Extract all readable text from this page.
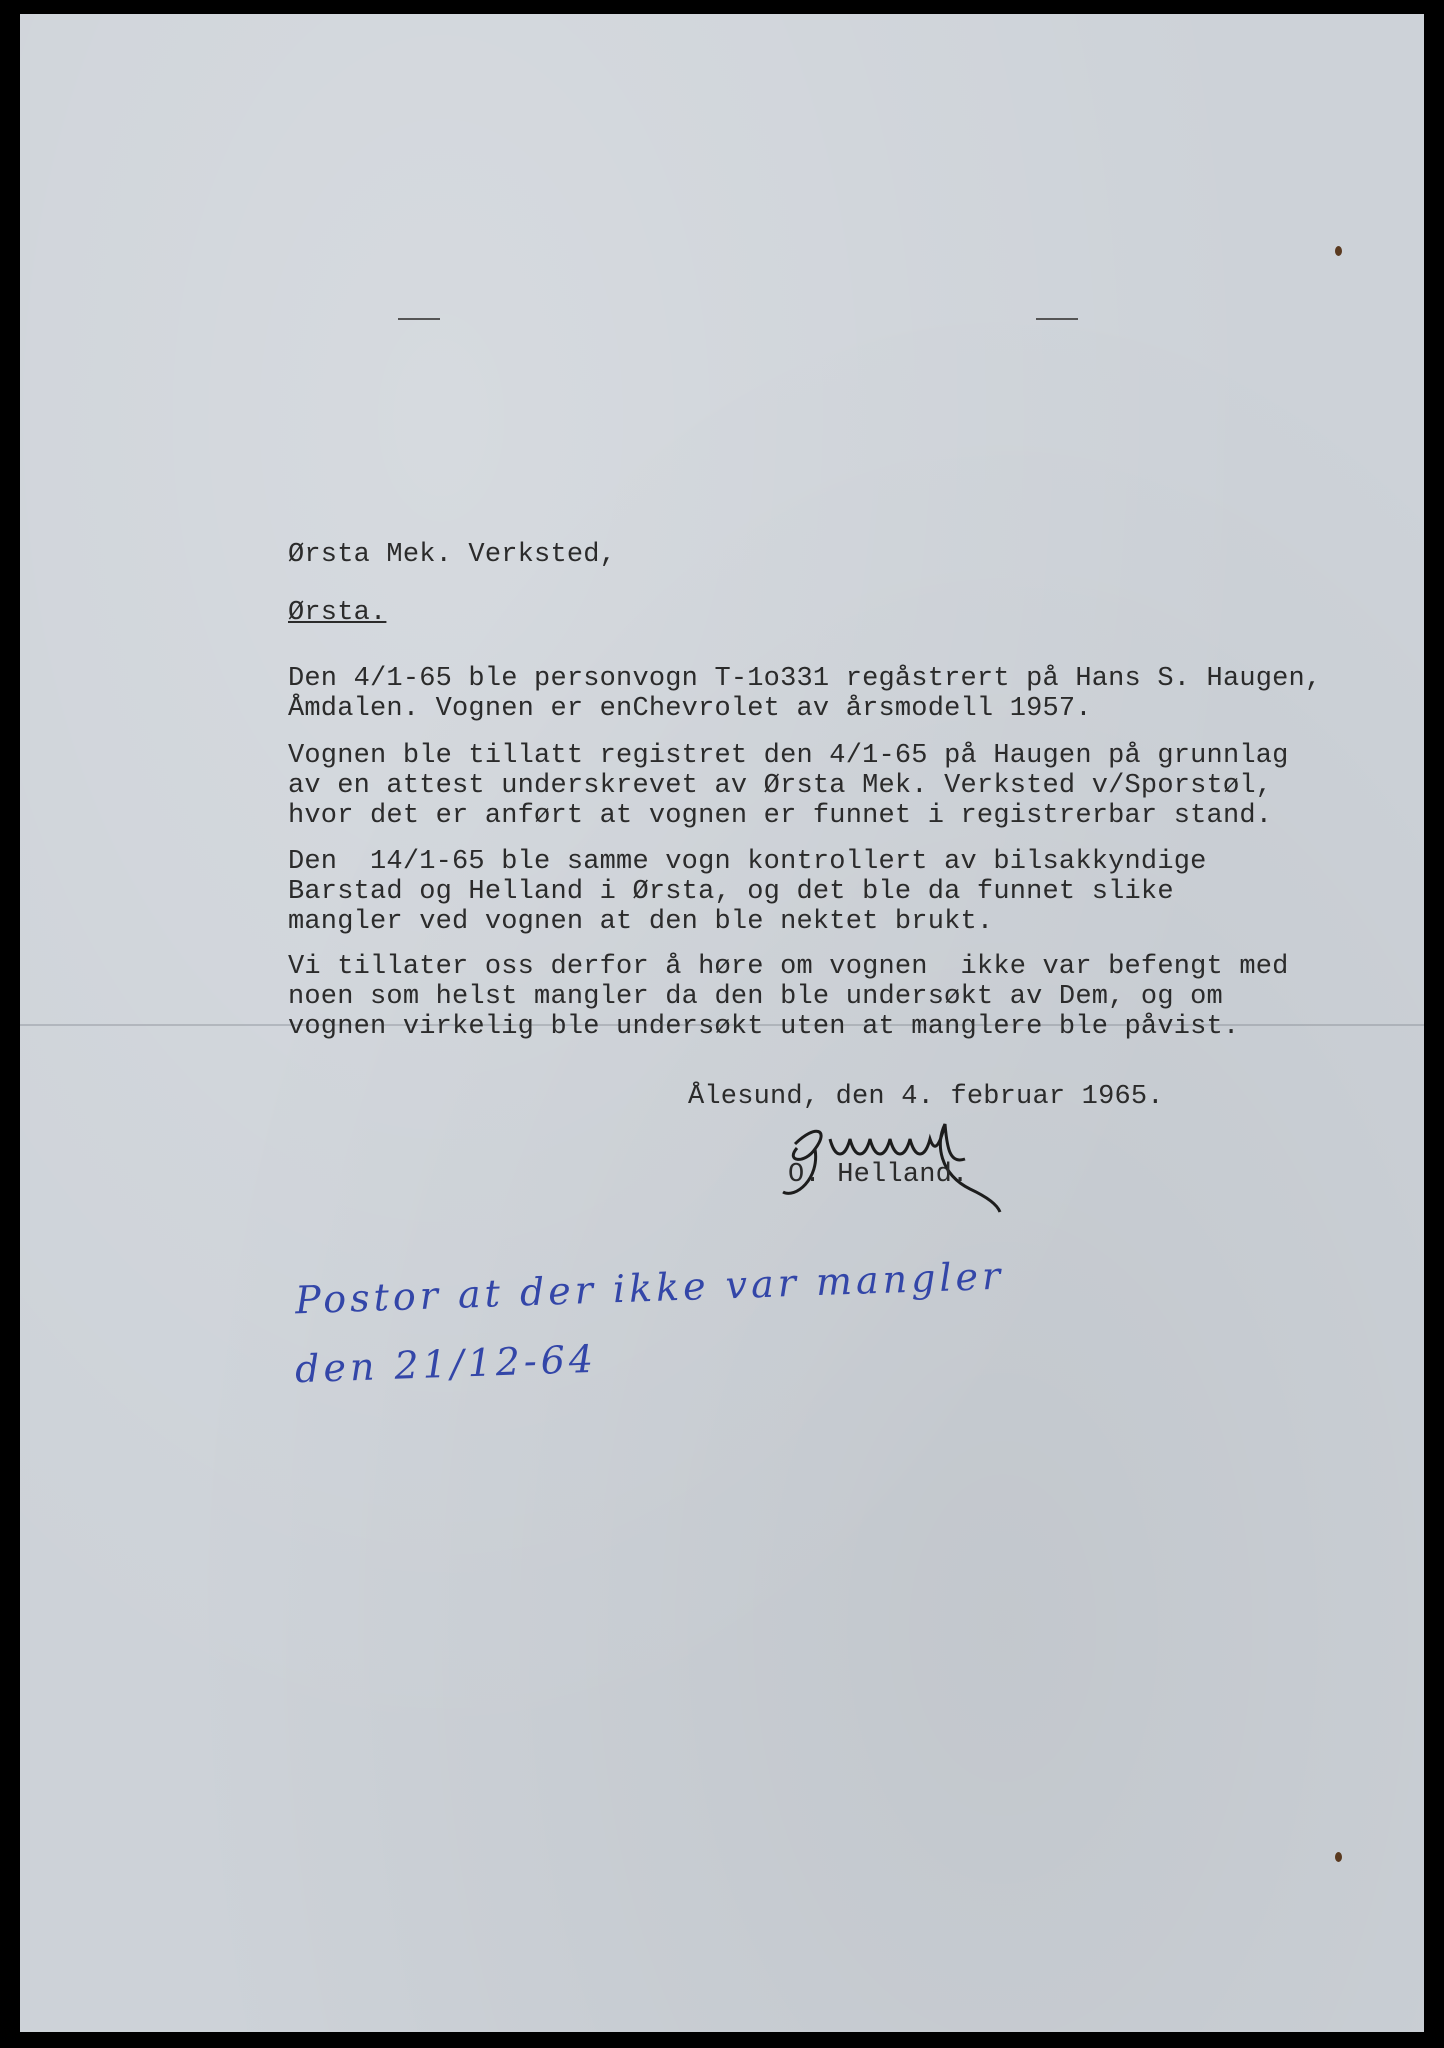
Ørsta Mek. Verksted,

Ørsta.

Den 4/1-65 ble personvogn T-1o331 regåstrert på Hans S. Haugen,
Åmdalen. Vognen er enChevrolet av årsmodell 1957.
Vognen ble tillatt registret den 4/1-65 på Haugen på grunnlag
av en attest underskrevet av Ørsta Mek. Verksted v/Sporstøl,
hvor det er anført at vognen er funnet i registrerbar stand.
Den  14/1-65 ble samme vogn kontrollert av bilsakkyndige
Barstad og Helland i Ørsta, og det ble da funnet slike
mangler ved vognen at den ble nektet brukt.
Vi tillater oss derfor å høre om vognen  ikke var befengt med
noen som helst mangler da den ble undersøkt av Dem, og om
vognen virkelig ble undersøkt uten at manglere ble påvist.

Ålesund, den 4. februar 1965.

O. Helland.

Postor at der ikke var mangler

den 21/12-64
